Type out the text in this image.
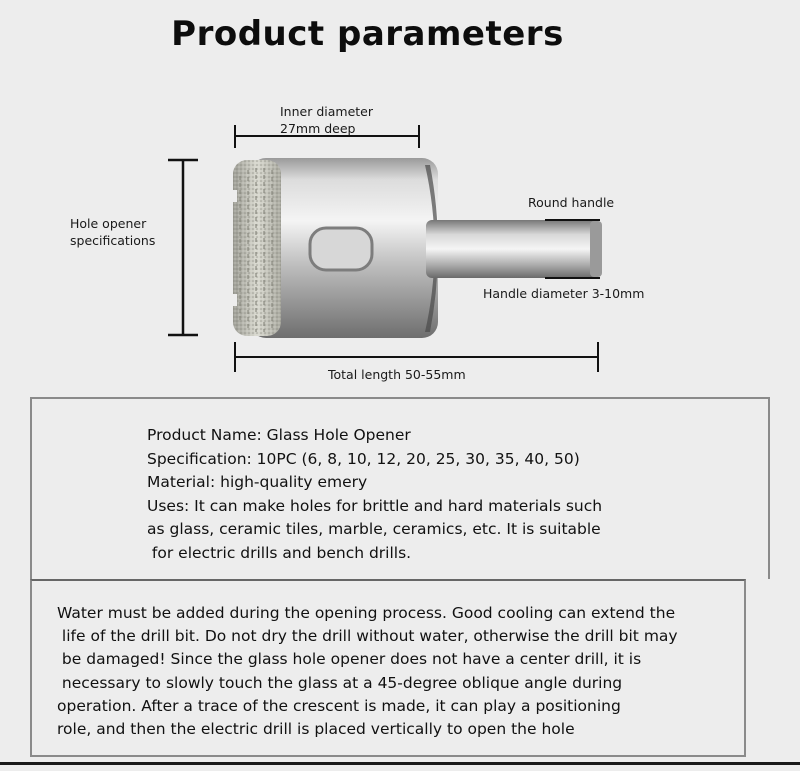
Product parameters
Inner diameter
27mm deep
Hole opener
specifications
Round handle
Handle diameter 3-10mm
Total length 50-55mm
Product Name: Glass Hole Opener
Specification: 10PC (6, 8, 10, 12, 20, 25, 30, 35, 40, 50)
Material: high-quality emery
Uses: It can make holes for brittle and hard materials such
as glass, ceramic tiles, marble, ceramics, etc. It is suitable
for electric drills and bench drills.
Water must be added during the opening process. Good cooling can extend the
life of the drill bit. Do not dry the drill without water, otherwise the drill bit may
be damaged! Since the glass hole opener does not have a center drill, it is
necessary to slowly touch the glass at a 45-degree oblique angle during
operation. After a trace of the crescent is made, it can play a positioning
role, and then the electric drill is placed vertically to open the hole
